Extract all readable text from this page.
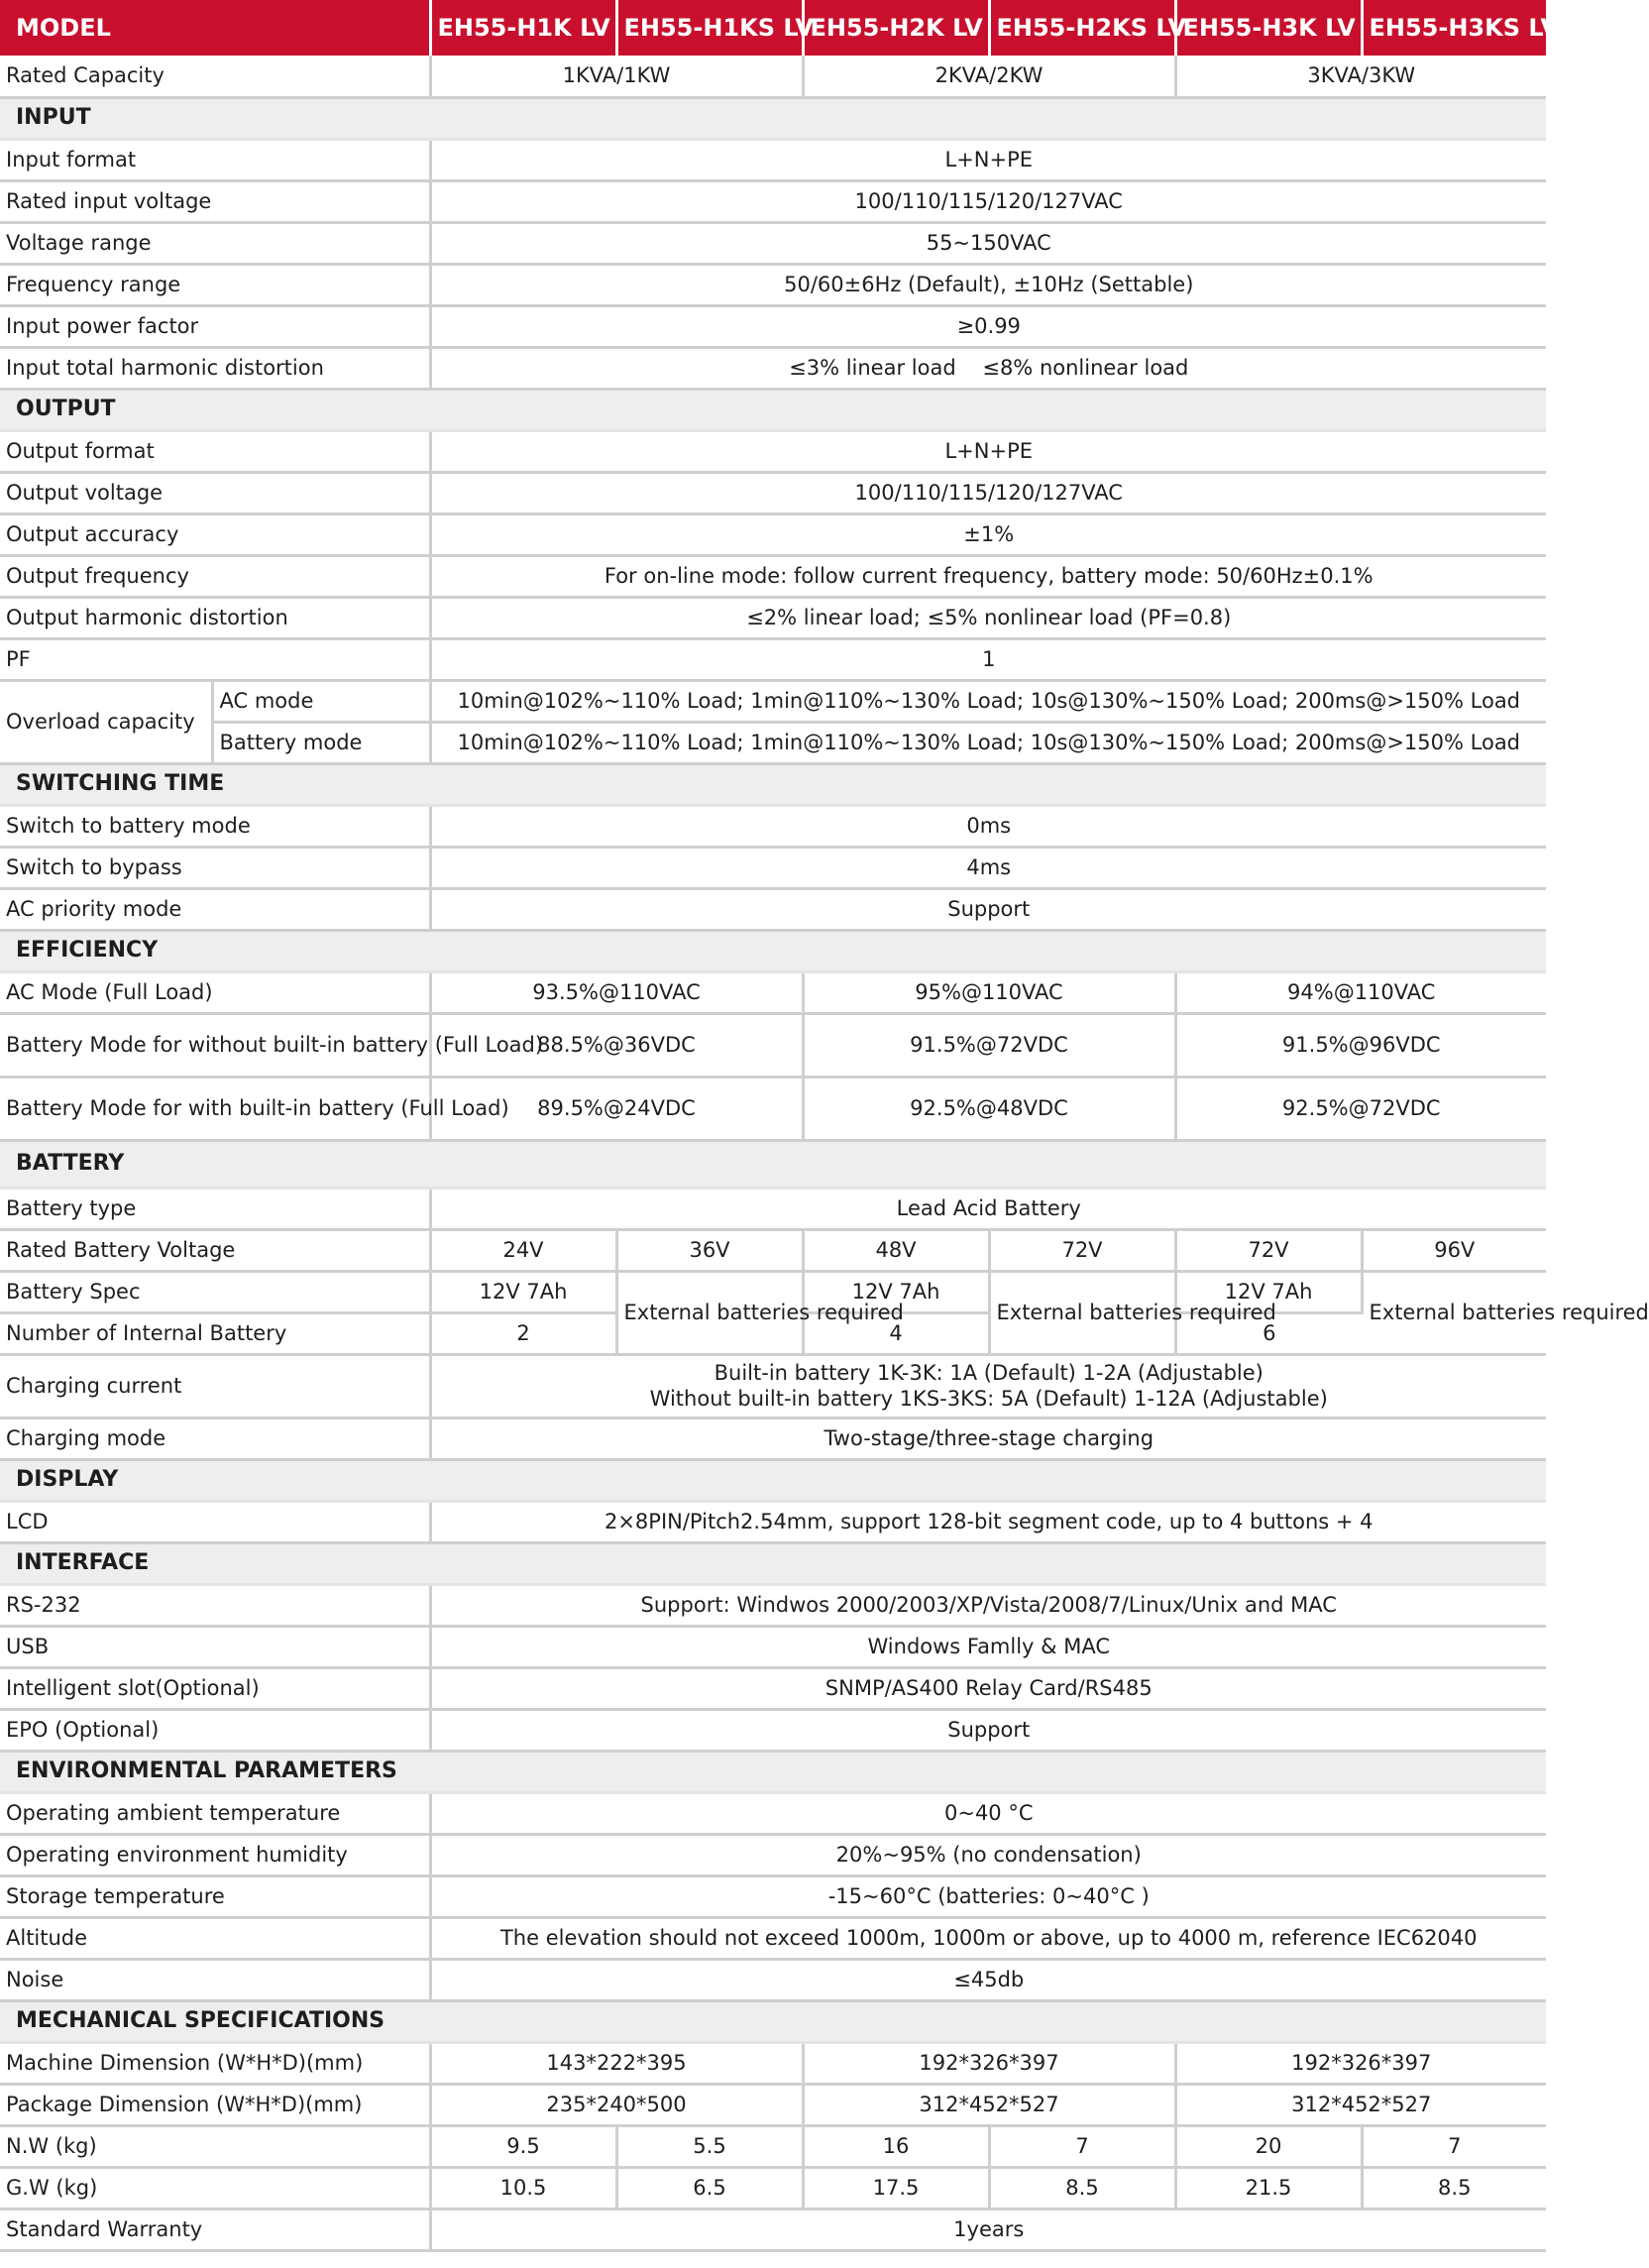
MODEL		EH55-H1K LV	EH55-H1KS LV	EH55-H2K LV	EH55-H2KS LV	EH55-H3K LV	EH55-H3KS LV
Rated Capacity		1KVA/1KW		2KVA/2KW		3KVA/3KW	
INPUT							
Input format		L+N+PE					
Rated input voltage		100/110/115/120/127VAC					
Voltage range		55~150VAC					
Frequency range		50/60±6Hz (Default), ±10Hz (Settable)					
Input power factor		≥0.99					
Input total harmonic distortion		≤3% linear load    ≤8% nonlinear load					
OUTPUT							
Output format		L+N+PE					
Output voltage		100/110/115/120/127VAC					
Output accuracy		±1%					
Output frequency		For on-line mode: follow current frequency, battery mode: 50/60Hz±0.1%					
Output harmonic distortion		≤2% linear load; ≤5% nonlinear load (PF=0.8)					
PF		1					
Overload capacity	AC mode	10min@102%~110% Load; 1min@110%~130% Load; 10s@130%~150% Load; 200ms@>150% Load					
	Battery mode	10min@102%~110% Load; 1min@110%~130% Load; 10s@130%~150% Load; 200ms@>150% Load					
SWITCHING TIME							
Switch to battery mode		0ms					
Switch to bypass		4ms					
AC priority mode		Support					
EFFICIENCY							
AC Mode (Full Load)		93.5%@110VAC		95%@110VAC		94%@110VAC	
Battery Mode for without built-in battery (Full Load)		88.5%@36VDC		91.5%@72VDC		91.5%@96VDC	
Battery Mode for with built-in battery (Full Load)		89.5%@24VDC		92.5%@48VDC		92.5%@72VDC	
BATTERY							
Battery type		Lead Acid Battery					
Rated Battery Voltage		24V	36V	48V	72V	72V	96V
Battery Spec		12V 7Ah	External batteries required	12V 7Ah	External batteries required	12V 7Ah	External batteries required
Number of Internal Battery		2		4		6	
Charging current		Built-in battery 1K-3K: 1A (Default) 1-2A (Adjustable)
Without built-in battery 1KS-3KS: 5A (Default) 1-12A (Adjustable)					

Charging mode		Two-stage/three-stage charging					
DISPLAY							
LCD		2×8PIN/Pitch2.54mm, support 128-bit segment code, up to 4 buttons + 4					
INTERFACE							
RS-232		Support: Windwos 2000/2003/XP/Vista/2008/7/Linux/Unix and MAC					
USB		Windows Famlly & MAC					
Intelligent slot(Optional)		SNMP/AS400 Relay Card/RS485					
EPO (Optional)		Support					
ENVIRONMENTAL PARAMETERS							
Operating ambient temperature		0~40 °C					
Operating environment humidity		20%~95% (no condensation)					
Storage temperature		-15~60°C (batteries: 0~40°C )					
Altitude		The elevation should not exceed 1000m, 1000m or above, up to 4000 m, reference IEC62040					
Noise		≤45db					
MECHANICAL SPECIFICATIONS							
Machine Dimension (W*H*D)(mm)		143*222*395		192*326*397		192*326*397	
Package Dimension (W*H*D)(mm)		235*240*500		312*452*527		312*452*527	
N.W (kg)		9.5	5.5	16	7	20	7
G.W (kg)		10.5	6.5	17.5	8.5	21.5	8.5
Standard Warranty		1years					
